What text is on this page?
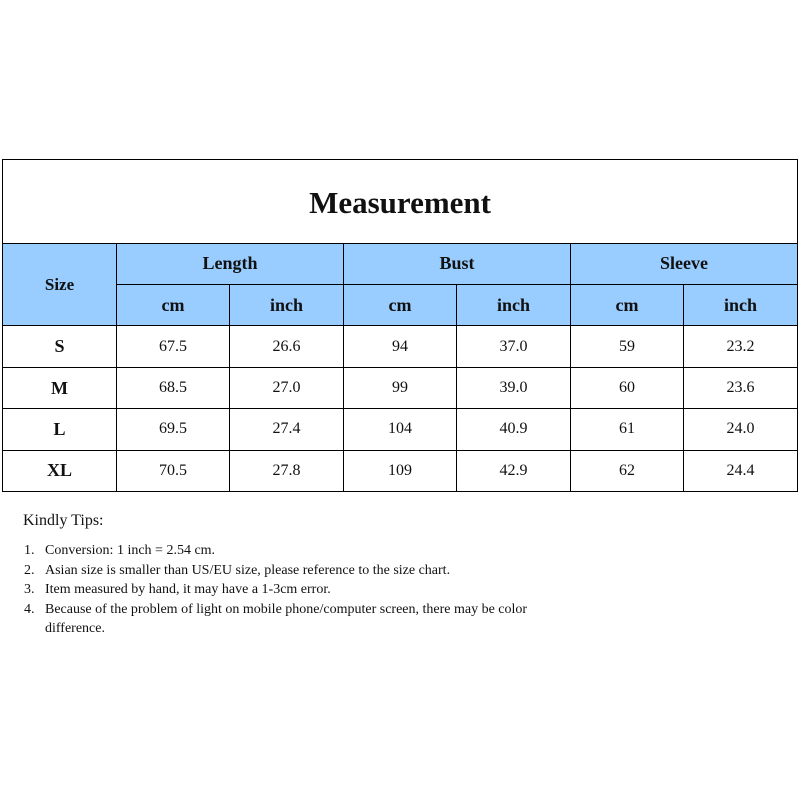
Measurement						
Size	Length		Bust		Sleeve	
	cm	inch	cm	inch	cm	inch
S	67.5	26.6	94	37.0	59	23.2
M	68.5	27.0	99	39.0	60	23.6
L	69.5	27.4	104	40.9	61	24.0
XL	70.5	27.8	109	42.9	62	24.4
Kindly Tips:
1. Conversion: 1 inch = 2.54 cm.
2. Asian size is smaller than US/EU size, please reference to the size chart.
3. Item measured by hand, it may have a 1-3cm error.
4. Because of the problem of light on mobile phone/computer screen, there may be color difference.
